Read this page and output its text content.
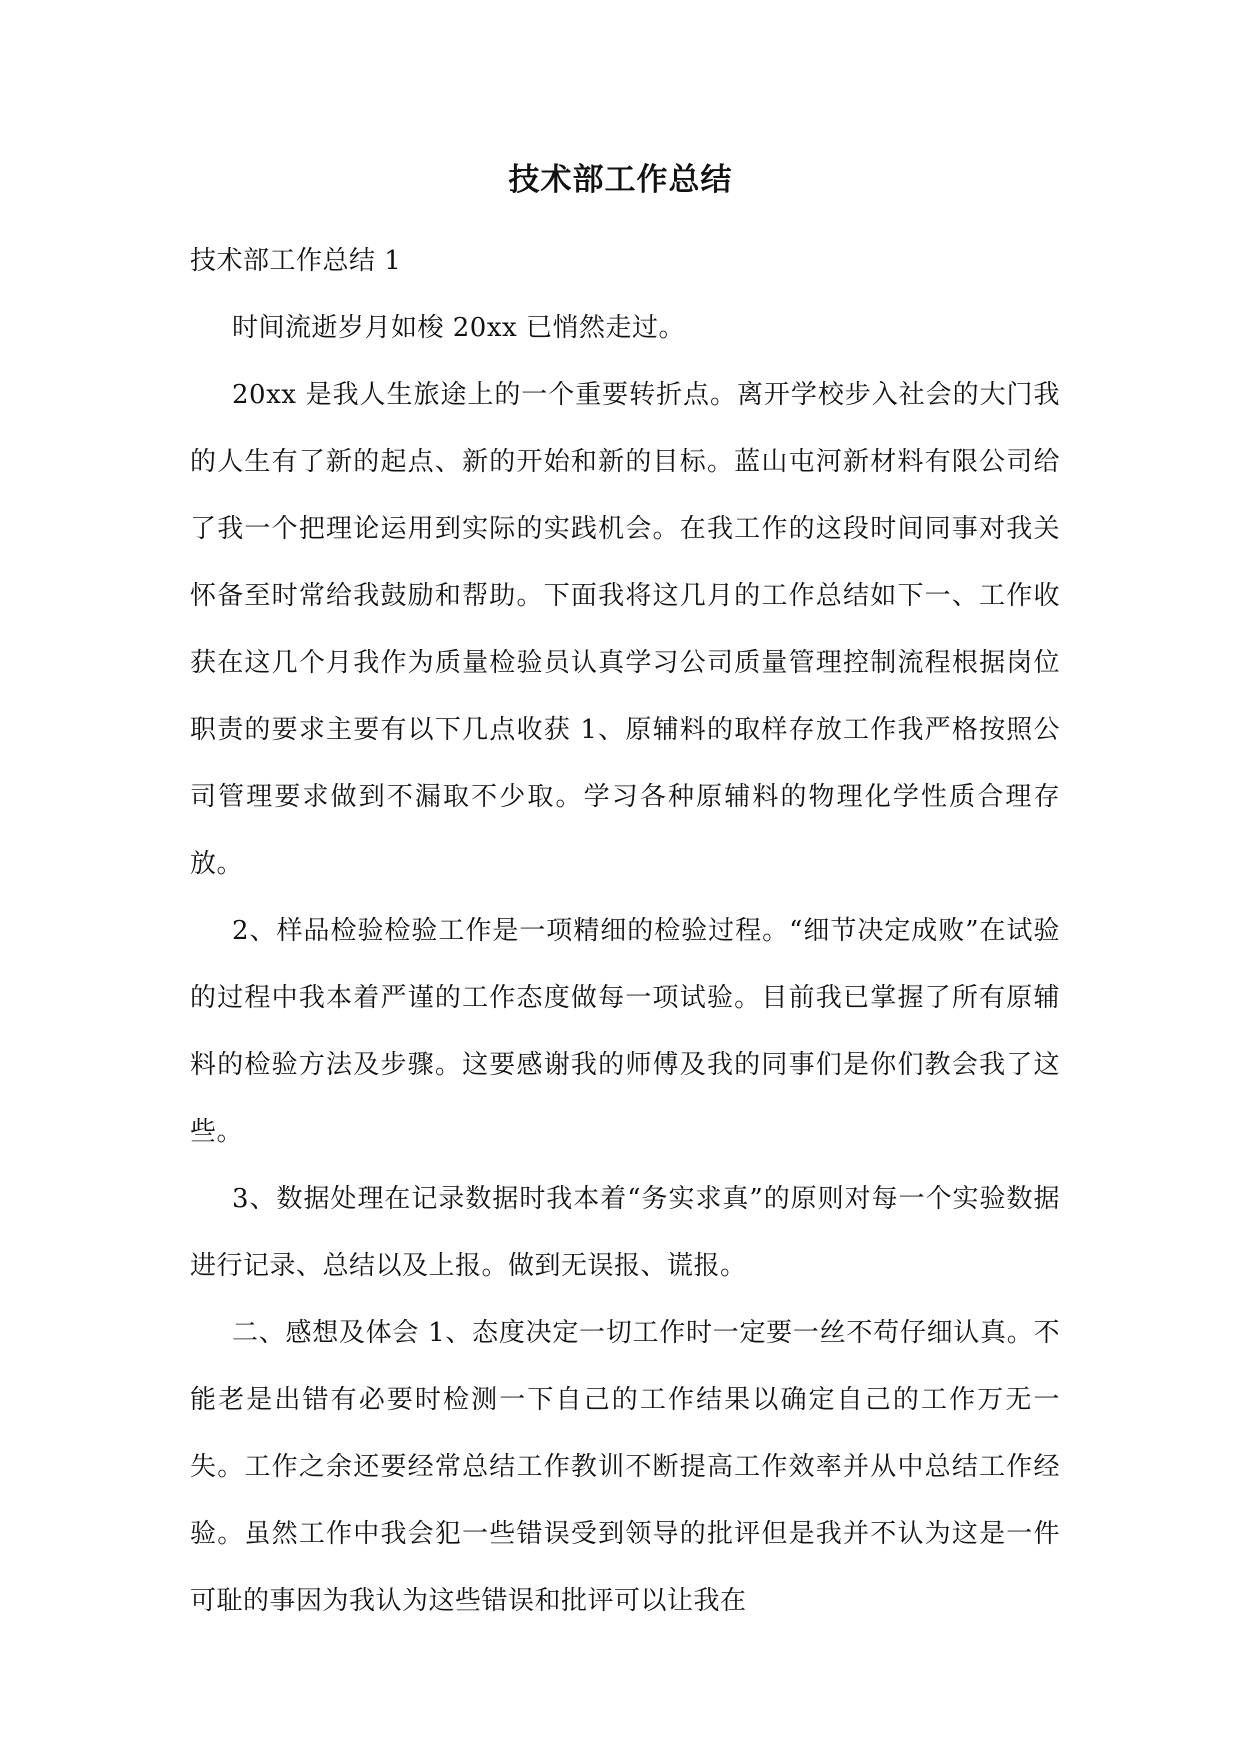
技术部工作总结

技术部工作总结 1

时间流逝岁月如梭 20xx 已悄然走过。

20xx 是我人生旅途上的一个重要转折点。离开学校步入社会的大门我的人生有了新的起点、新的开始和新的目标。蓝山屯河新材料有限公司给了我一个把理论运用到实际的实践机会。在我工作的这段时间同事对我关怀备至时常给我鼓励和帮助。下面我将这几月的工作总结如下一、工作收获在这几个月我作为质量检验员认真学习公司质量管理控制流程根据岗位职责的要求主要有以下几点收获 1、原辅料的取样存放工作我严格按照公司管理要求做到不漏取不少取。学习各种原辅料的物理化学性质合理存放。

2、样品检验检验工作是一项精细的检验过程。“细节决定成败”在试验的过程中我本着严谨的工作态度做每一项试验。目前我已掌握了所有原辅料的检验方法及步骤。这要感谢我的师傅及我的同事们是你们教会我了这些。

3、数据处理在记录数据时我本着“务实求真”的原则对每一个实验数据进行记录、总结以及上报。做到无误报、谎报。

二、感想及体会 1、态度决定一切工作时一定要一丝不苟仔细认真。不能老是出错有必要时检测一下自己的工作结果以确定自己的工作万无一失。工作之余还要经常总结工作教训不断提高工作效率并从中总结工作经验。虽然工作中我会犯一些错误受到领导的批评但是我并不认为这是一件可耻的事因为我认为这些错误和批评可以让我在
